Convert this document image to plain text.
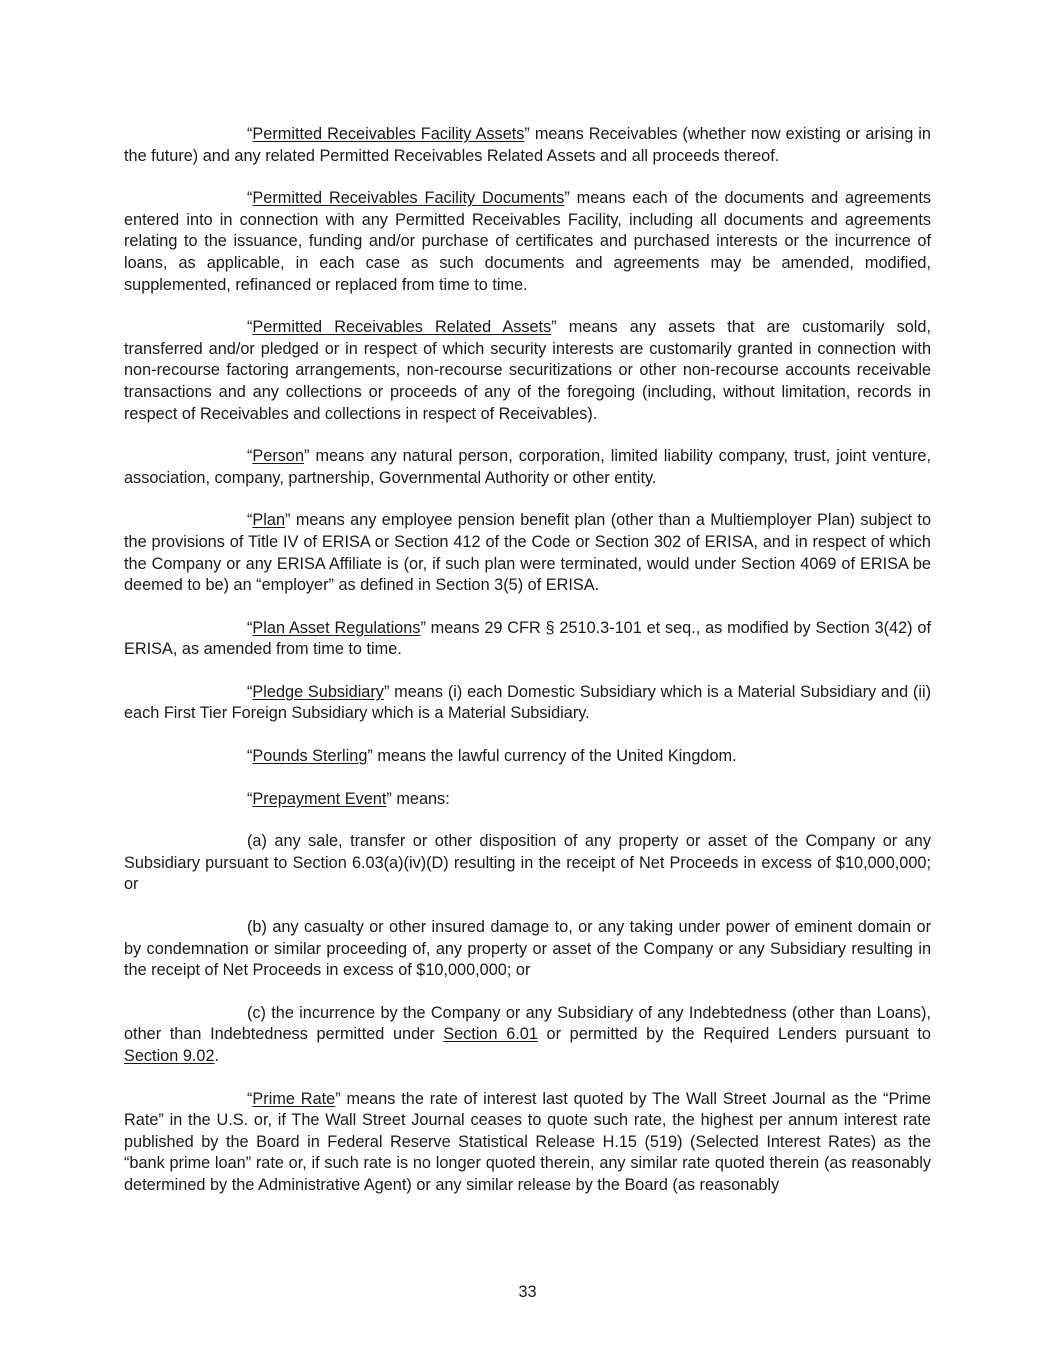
“Permitted Receivables Facility Assets” means Receivables (whether now existing or arising in the future) and any related Permitted Receivables Related Assets and all proceeds thereof.

“Permitted Receivables Facility Documents” means each of the documents and agreements entered into in connection with any Permitted Receivables Facility, including all documents and agreements relating to the issuance, funding and/or purchase of certificates and purchased interests or the incurrence of loans, as applicable, in each case as such documents and agreements may be amended, modified, supplemented, refinanced or replaced from time to time.

“Permitted Receivables Related Assets” means any assets that are customarily sold, transferred and/or pledged or in respect of which security interests are customarily granted in connection with non-recourse factoring arrangements, non-recourse securitizations or other non-recourse accounts receivable transactions and any collections or proceeds of any of the foregoing (including, without limitation, records in respect of Receivables and collections in respect of Receivables).

“Person” means any natural person, corporation, limited liability company, trust, joint venture, association, company, partnership, Governmental Authority or other entity.

“Plan” means any employee pension benefit plan (other than a Multiemployer Plan) subject to the provisions of Title IV of ERISA or Section 412 of the Code or Section 302 of ERISA, and in respect of which the Company or any ERISA Affiliate is (or, if such plan were terminated, would under Section 4069 of ERISA be deemed to be) an “employer” as defined in Section 3(5) of ERISA.

“Plan Asset Regulations” means 29 CFR § 2510.3-101 et seq., as modified by Section 3(42) of ERISA, as amended from time to time.

“Pledge Subsidiary” means (i) each Domestic Subsidiary which is a Material Subsidiary and (ii) each First Tier Foreign Subsidiary which is a Material Subsidiary.

“Pounds Sterling” means the lawful currency of the United Kingdom.

“Prepayment Event” means:

(a) any sale, transfer or other disposition of any property or asset of the Company or any Subsidiary pursuant to Section 6.03(a)(iv)(D) resulting in the receipt of Net Proceeds in excess of $10,000,000; or

(b) any casualty or other insured damage to, or any taking under power of eminent domain or by condemnation or similar proceeding of, any property or asset of the Company or any Subsidiary resulting in the receipt of Net Proceeds in excess of $10,000,000; or

(c) the incurrence by the Company or any Subsidiary of any Indebtedness (other than Loans), other than Indebtedness permitted under Section 6.01 or permitted by the Required Lenders pursuant to Section 9.02.

“Prime Rate” means the rate of interest last quoted by The Wall Street Journal as the “Prime Rate” in the U.S. or, if The Wall Street Journal ceases to quote such rate, the highest per annum interest rate published by the Board in Federal Reserve Statistical Release H.15 (519) (Selected Interest Rates) as the “bank prime loan” rate or, if such rate is no longer quoted therein, any similar rate quoted therein (as reasonably determined by the Administrative Agent) or any similar release by the Board (as reasonably

33
